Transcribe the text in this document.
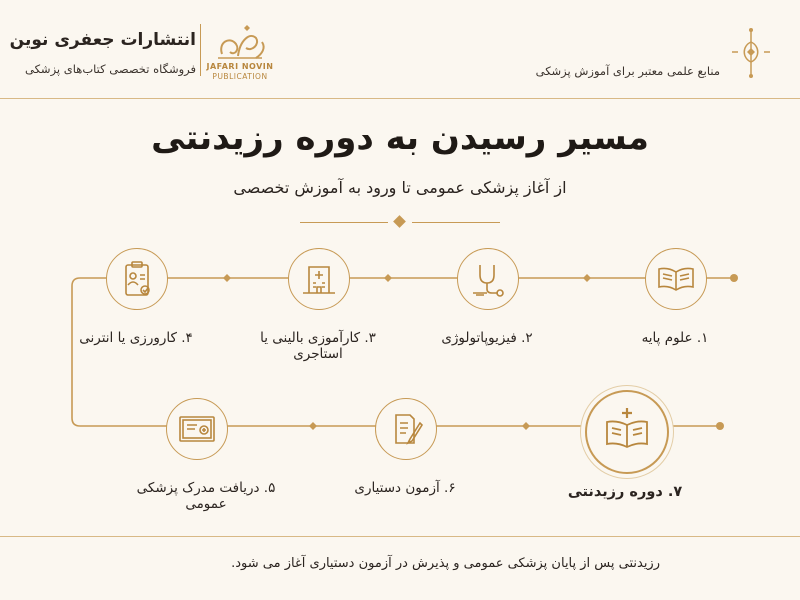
انتشارات جعفری نوین
فروشگاه تخصصی کتاب‌های پزشکی	JAFARI NOVIN
PUBLICATION	منابع علمی معتبر برای آموزش پزشکی
مسیر رسیدن به دوره رزیدنتی
از آغاز پزشکی عمومی تا ورود به آموزش تخصصی
۱. علوم پایه
۲. فیزیوپاتولوژی
۳. کارآموزی بالینی یا استاجری
۴. کارورزی یا انترنی
۵. دریافت مدرک پزشکی عمومی
۶. آزمون دستیاری	۷. دوره رزیدنتی
رزیدنتی پس از پایان پزشکی عمومی و پذیرش در آزمون دستیاری آغاز می شود.
